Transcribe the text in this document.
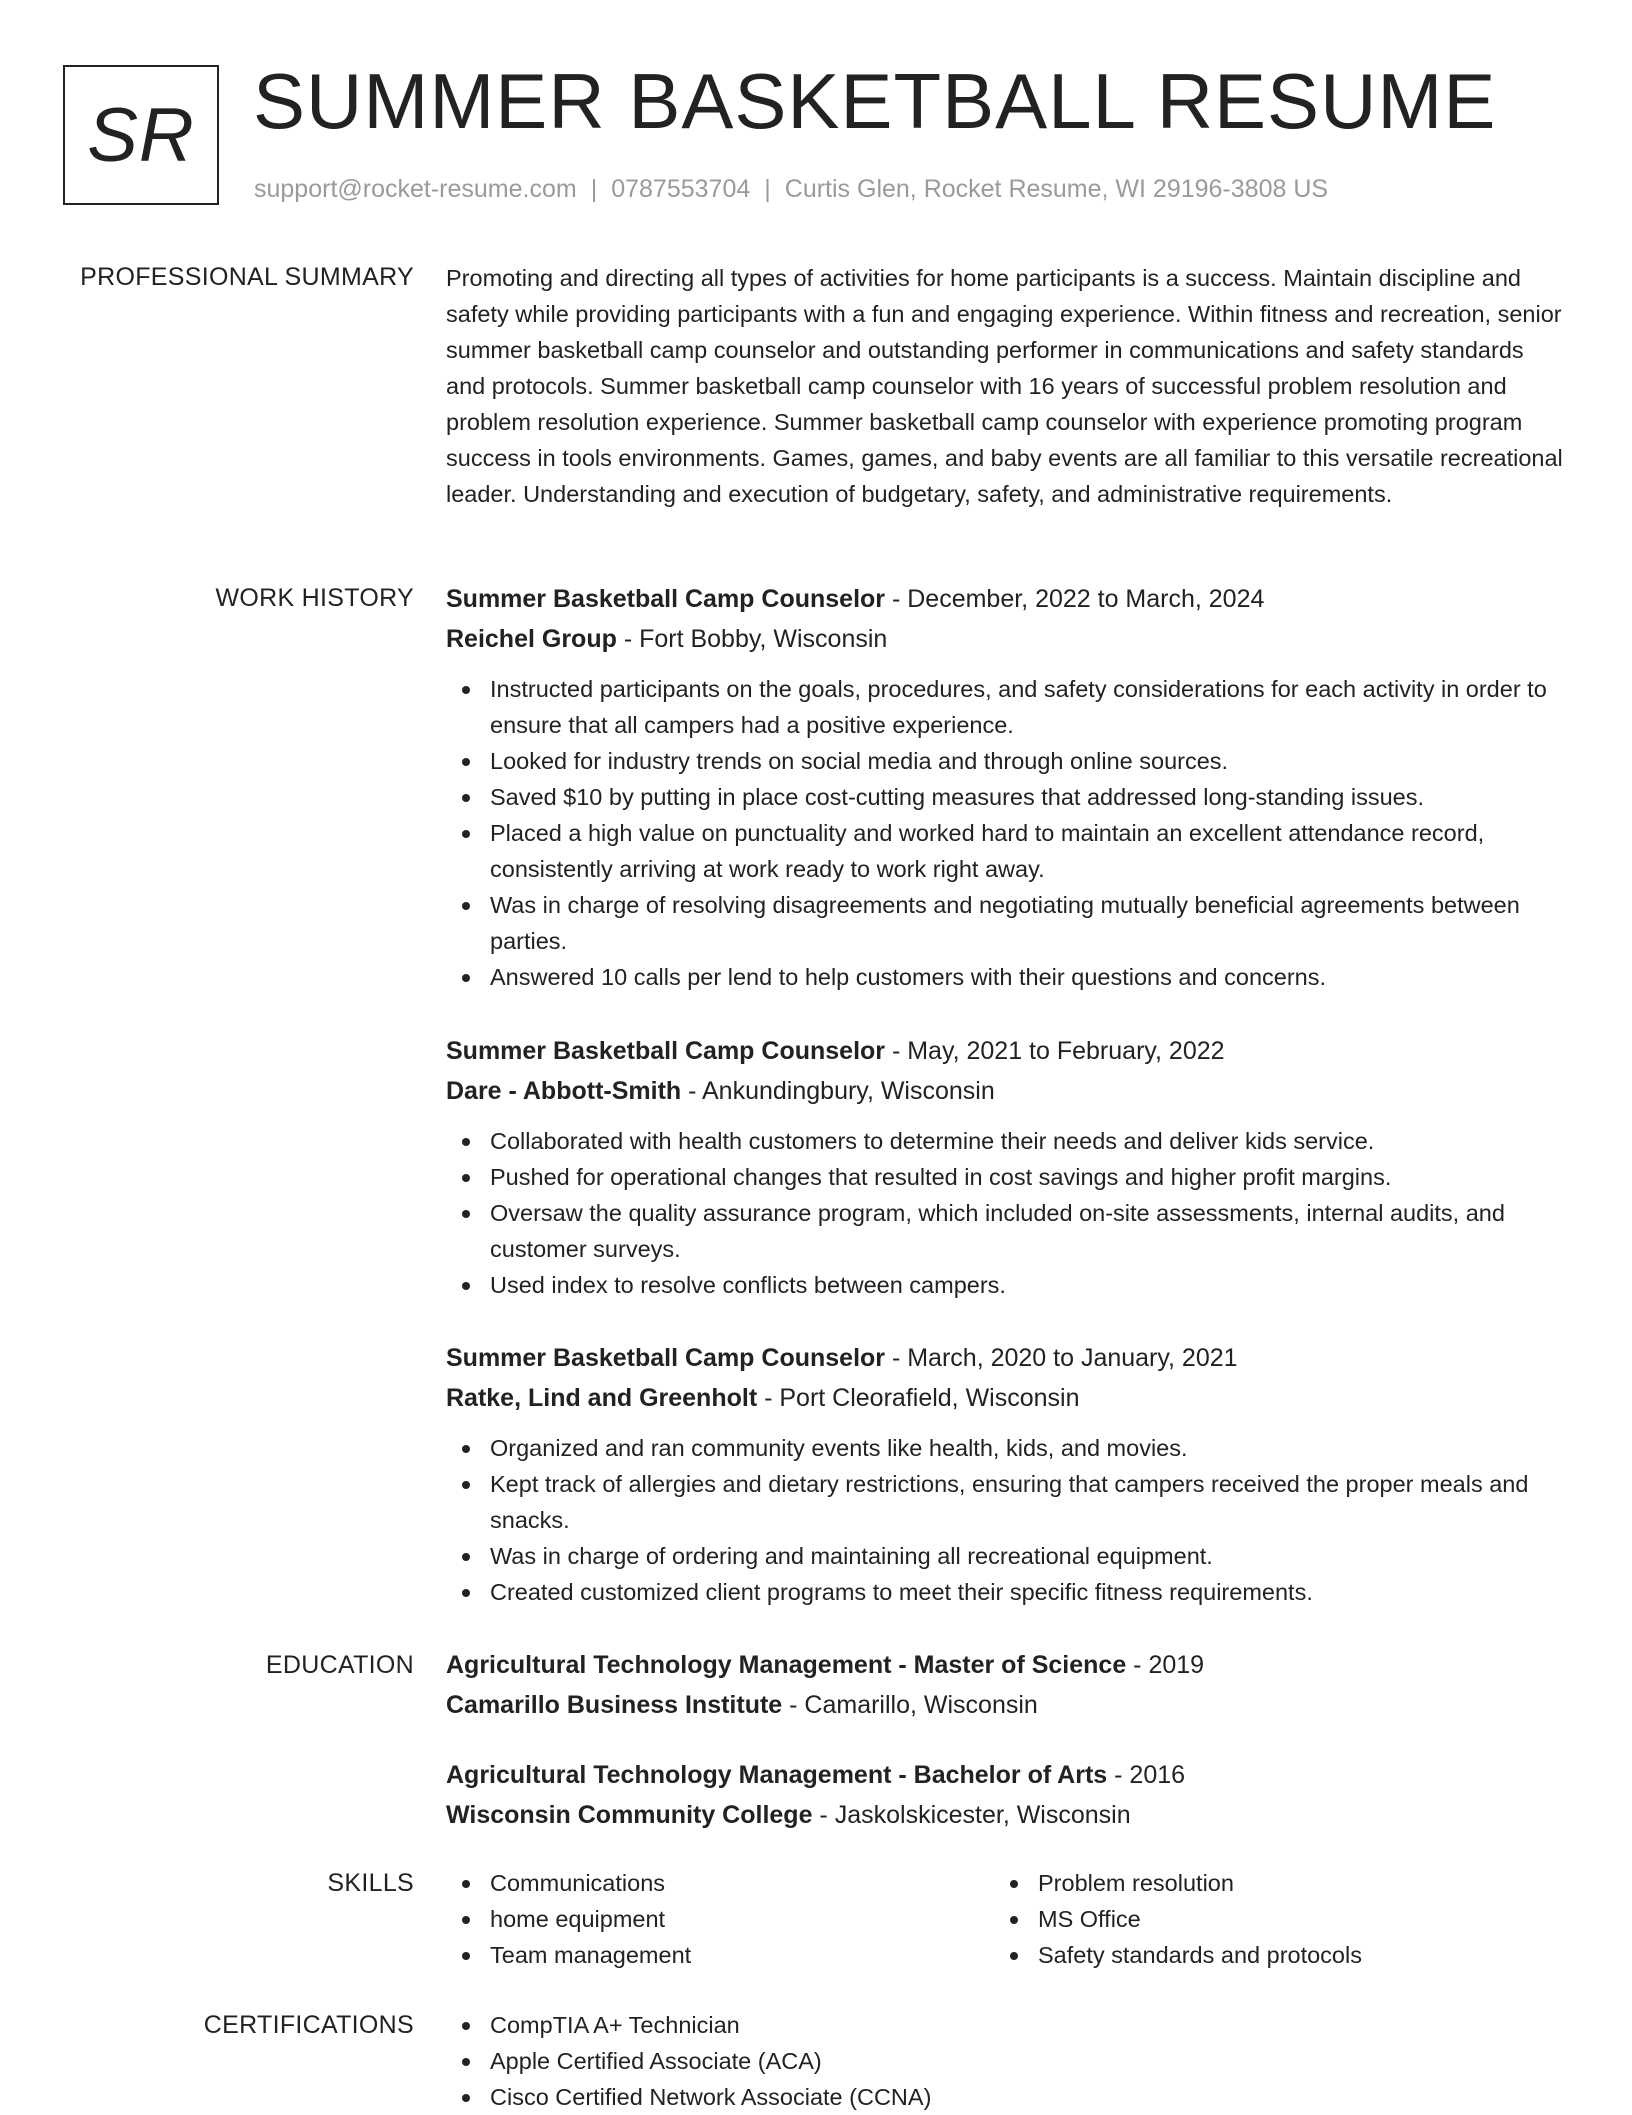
SR SUMMER BASKETBALL RESUME
support@rocket-resume.com | 0787553704 | Curtis Glen, Rocket Resume, WI 29196-3808 US
PROFESSIONAL SUMMARY Promoting and directing all types of activities for home participants is a success. Maintain discipline and safety while providing participants with a fun and engaging experience. Within fitness and recreation, senior summer basketball camp counselor and outstanding performer in communications and safety standards and protocols. Summer basketball camp counselor with 16 years of successful problem resolution and problem resolution experience. Summer basketball camp counselor with experience promoting program success in tools environments. Games, games, and baby events are all familiar to this versatile recreational leader. Understanding and execution of budgetary, safety, and administrative requirements.

WORK HISTORY Summer Basketball Camp Counselor - December, 2022 to March, 2024
Reichel Group - Fort Bobby, Wisconsin
Instructed participants on the goals, procedures, and safety considerations for each activity in order to ensure that all campers had a positive experience.
Looked for industry trends on social media and through online sources.
Saved $10 by putting in place cost-cutting measures that addressed long-standing issues.
Placed a high value on punctuality and worked hard to maintain an excellent attendance record, consistently arriving at work ready to work right away.
Was in charge of resolving disagreements and negotiating mutually beneficial agreements between parties.
Answered 10 calls per lend to help customers with their questions and concerns.
Summer Basketball Camp Counselor - May, 2021 to February, 2022
Dare - Abbott-Smith - Ankundingbury, Wisconsin
Collaborated with health customers to determine their needs and deliver kids service.
Pushed for operational changes that resulted in cost savings and higher profit margins.
Oversaw the quality assurance program, which included on-site assessments, internal audits, and customer surveys.
Used index to resolve conflicts between campers.
Summer Basketball Camp Counselor - March, 2020 to January, 2021
Ratke, Lind and Greenholt - Port Cleorafield, Wisconsin
Organized and ran community events like health, kids, and movies.
Kept track of allergies and dietary restrictions, ensuring that campers received the proper meals and snacks.
Was in charge of ordering and maintaining all recreational equipment.
Created customized client programs to meet their specific fitness requirements.
EDUCATION Agricultural Technology Management - Master of Science - 2019
Camarillo Business Institute - Camarillo, Wisconsin
Agricultural Technology Management - Bachelor of Arts - 2016
Wisconsin Community College - Jaskolskicester, Wisconsin
SKILLS	Communications
home equipment
Team management
Problem resolution
MS Office
Safety standards and protocols
CERTIFICATIONS	CompTIA A+ Technician
Apple Certified Associate (ACA)
Cisco Certified Network Associate (CCNA)
